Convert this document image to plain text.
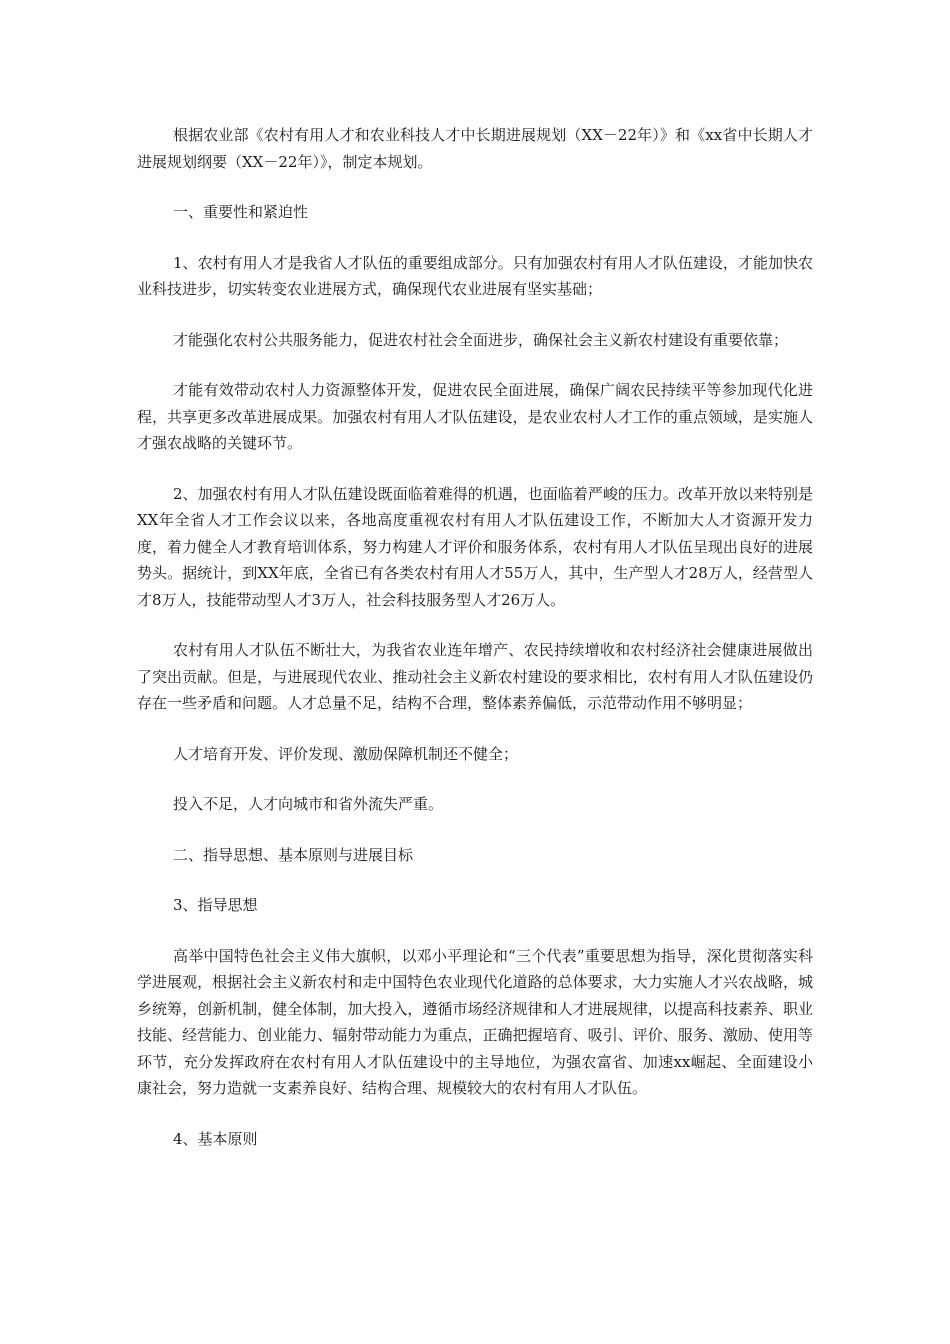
根据农业部《农村有用人才和农业科技人才中长期进展规划（XX－22年）》和《xx省中长期人才进展规划纲要（XX－22年）》，制定本规划。

一、重要性和紧迫性

1、农村有用人才是我省人才队伍的重要组成部分。只有加强农村有用人才队伍建设，才能加快农业科技进步，切实转变农业进展方式，确保现代农业进展有坚实基础；

才能强化农村公共服务能力，促进农村社会全面进步，确保社会主义新农村建设有重要依靠；

才能有效带动农村人力资源整体开发，促进农民全面进展，确保广阔农民持续平等参加现代化进程，共享更多改革进展成果。加强农村有用人才队伍建设，是农业农村人才工作的重点领域，是实施人才强农战略的关键环节。

2、加强农村有用人才队伍建设既面临着难得的机遇，也面临着严峻的压力。改革开放以来特别是XX年全省人才工作会议以来，各地高度重视农村有用人才队伍建设工作，不断加大人才资源开发力度，着力健全人才教育培训体系，努力构建人才评价和服务体系，农村有用人才队伍呈现出良好的进展势头。据统计，到XX年底，全省已有各类农村有用人才55万人，其中，生产型人才28万人，经营型人才8万人，技能带动型人才3万人，社会科技服务型人才26万人。

农村有用人才队伍不断壮大，为我省农业连年增产、农民持续增收和农村经济社会健康进展做出了突出贡献。但是，与进展现代农业、推动社会主义新农村建设的要求相比，农村有用人才队伍建设仍存在一些矛盾和问题。人才总量不足，结构不合理，整体素养偏低，示范带动作用不够明显；

人才培育开发、评价发现、激励保障机制还不健全；

投入不足，人才向城市和省外流失严重。

二、指导思想、基本原则与进展目标

3、指导思想

高举中国特色社会主义伟大旗帜，以邓小平理论和“三个代表”重要思想为指导，深化贯彻落实科学进展观，根据社会主义新农村和走中国特色农业现代化道路的总体要求，大力实施人才兴农战略，城乡统筹，创新机制，健全体制，加大投入，遵循市场经济规律和人才进展规律，以提高科技素养、职业技能、经营能力、创业能力、辐射带动能力为重点，正确把握培育、吸引、评价、服务、激励、使用等环节，充分发挥政府在农村有用人才队伍建设中的主导地位，为强农富省、加速xx崛起、全面建设小康社会，努力造就一支素养良好、结构合理、规模较大的农村有用人才队伍。

4、基本原则
